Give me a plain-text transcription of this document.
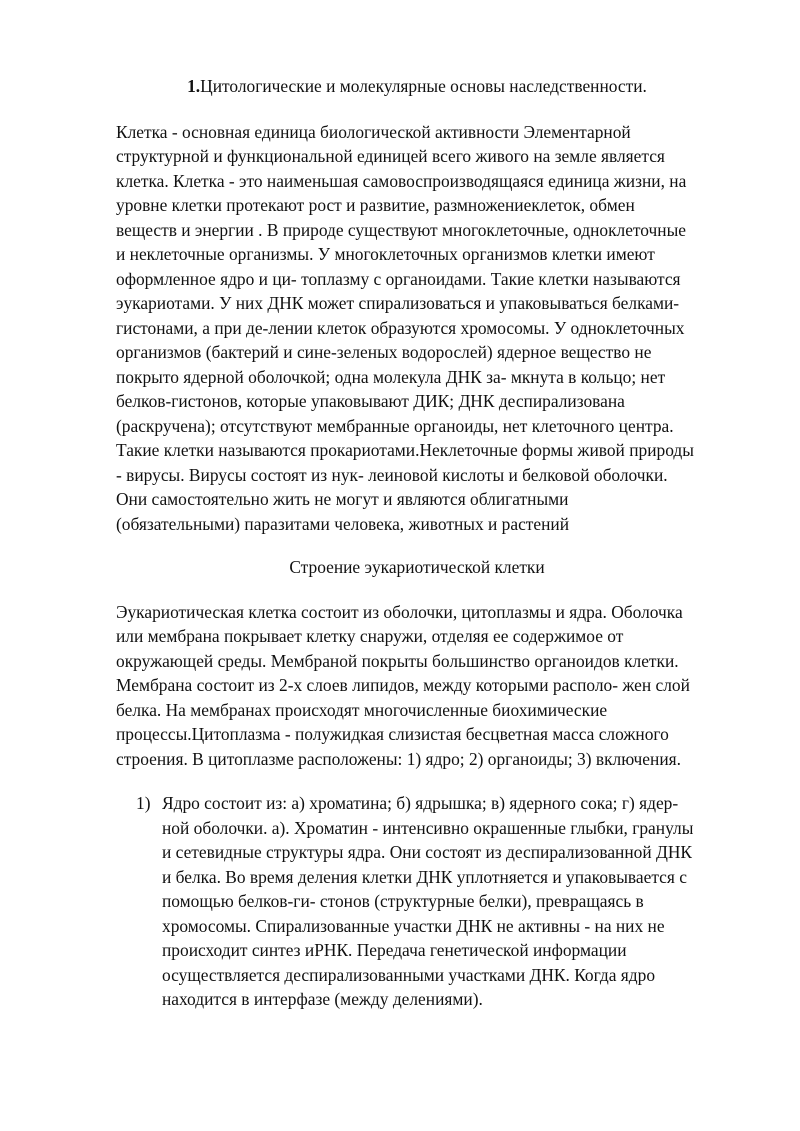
1.Цитологические и молекулярные основы наследственности.

Клетка - основная единица биологической активности Элементарной
структурной и функциональной единицей всего живого на земле является
клетка. Клетка - это наименьшая самовоспроизводящаяся единица жизни, на
уровне клетки протекают рост и развитие, размножениеклеток, обмен
веществ и энергии . В природе существуют многоклеточные, одноклеточные
и неклеточные организмы. У многоклеточных организмов клетки имеют
оформленное ядро и ци- топлазму с органоидами. Такие клетки называются
эукариотами. У них ДНК может спирализоваться и упаковываться белками-
гистонами, а при де-лении клеток образуются хромосомы. У одноклеточных
организмов (бактерий и сине-зеленых водорослей) ядерное вещество не
покрыто ядерной оболочкой; одна молекула ДНК за- мкнута в кольцо; нет
белков-гистонов, которые упаковывают ДИК; ДНК деспирализована
(раскручена); отсутствуют мембранные органоиды, нет клеточного центра.
Такие клетки называются прокариотами.Неклеточные формы живой природы
- вирусы. Вирусы состоят из нук- леиновой кислоты и белковой оболочки.
Они самостоятельно жить не могут и являются облигатными
(обязательными) паразитами человека, животных и растений

Строение эукариотической клетки

Эукариотическая клетка состоит из оболочки, цитоплазмы и ядра. Оболочка
или мембрана покрывает клетку снаружи, отделяя ее содержимое от
окружающей среды. Мембраной покрыты большинство органоидов клетки.
Мембрана состоит из 2-х слоев липидов, между которыми располо- жен слой
белка. На мембранах происходят многочисленные биохимические
процессы.Цитоплазма - полужидкая слизистая бесцветная масса сложного
строения. В цитоплазме расположены: 1) ядро; 2) органоиды; 3) включения.

1) Ядро состоит из: а) хроматина; б) ядрышка; в) ядерного сока; г) ядер-
ной оболочки. а). Хроматин - интенсивно окрашенные глыбки, гранулы
и сетевидные структуры ядра. Они состоят из деспирализованной ДНК
и белка. Во время деления клетки ДНК уплотняется и упаковывается с
помощью белков-ги- стонов (структурные белки), превращаясь в
хромосомы. Спирализованные участки ДНК не активны - на них не
происходит синтез иРНК. Передача генетической информации
осуществляется деспирализованными участками ДНК. Когда ядро
находится в интерфазе (между делениями).
